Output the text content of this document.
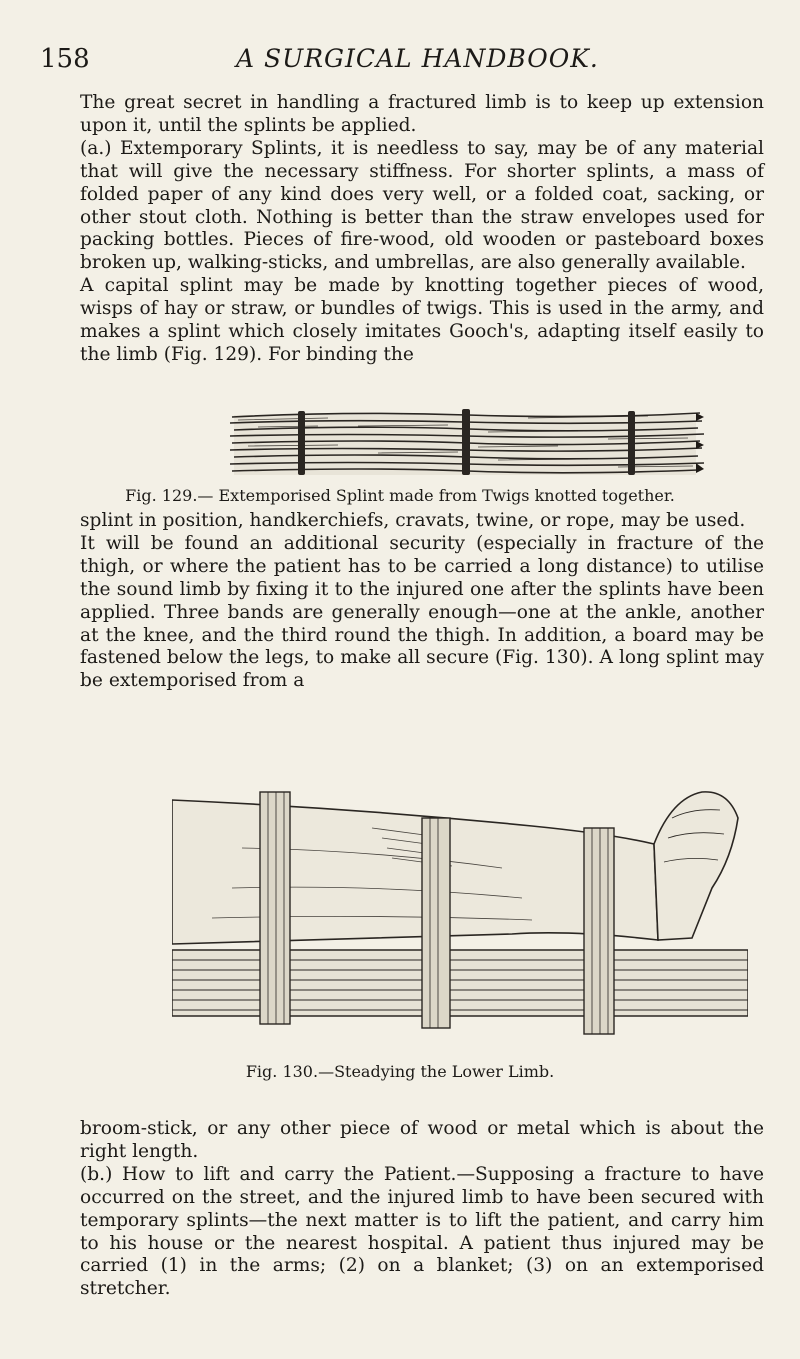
158	A SURGICAL HANDBOOK.

The great secret in handling a fractured limb is to keep up extension upon it, until the splints be applied.

(a.) Extemporary Splints, it is needless to say, may be of any material that will give the necessary stiffness. For shorter splints, a mass of folded paper of any kind does very well, or a folded coat, sacking, or other stout cloth. Nothing is better than the straw envelopes used for packing bottles. Pieces of fire-wood, old wooden or pasteboard boxes broken up, walking-sticks, and umbrellas, are also generally available.

A capital splint may be made by knotting together pieces of wood, wisps of hay or straw, or bundles of twigs. This is used in the army, and makes a splint which closely imitates Gooch's, adapting itself easily to the limb (Fig. 129). For binding the

Fig. 129.— Extemporised Splint made from Twigs knotted together.

splint in position, handkerchiefs, cravats, twine, or rope, may be used.

It will be found an additional security (especially in fracture of the thigh, or where the patient has to be carried a long distance) to utilise the sound limb by fixing it to the injured one after the splints have been applied. Three bands are generally enough—one at the ankle, another at the knee, and the third round the thigh. In addition, a board may be fastened below the legs, to make all secure (Fig. 130). A long splint may be extemporised from a

Fig. 130.—Steadying the Lower Limb.

broom-stick, or any other piece of wood or metal which is about the right length.

(b.) How to lift and carry the Patient.—Supposing a fracture to have occurred on the street, and the injured limb to have been secured with temporary splints—the next matter is to lift the patient, and carry him to his house or the nearest hospital. A patient thus injured may be carried (1) in the arms; (2) on a blanket; (3) on an extemporised stretcher.
